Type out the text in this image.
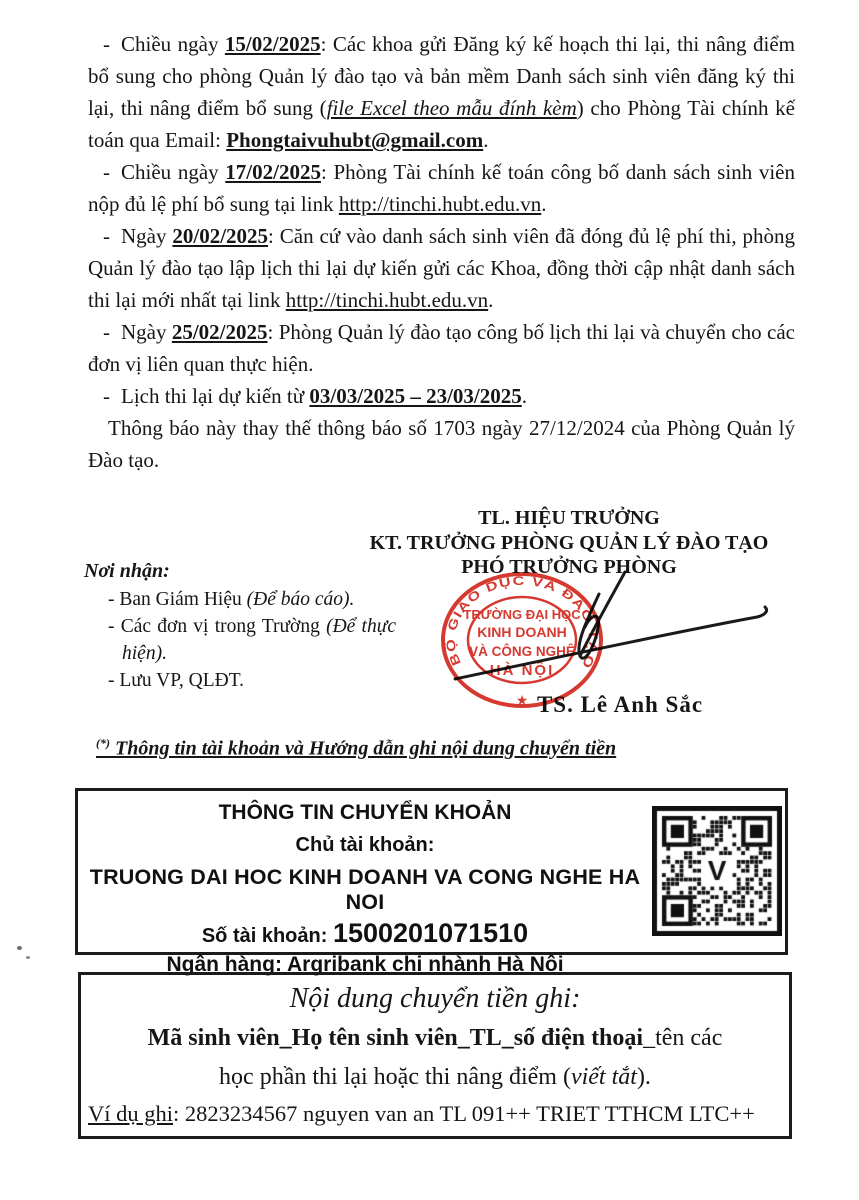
- Chiều ngày 15/02/2025: Các khoa gửi Đăng ký kế hoạch thi lại, thi nâng điểm bổ sung cho phòng Quản lý đào tạo và bản mềm Danh sách sinh viên đăng ký thi lại, thi nâng điểm bổ sung (file Excel theo mẫu đính kèm) cho Phòng Tài chính kế toán qua Email: Phongtaivuhubt@gmail.com.

- Chiều ngày 17/02/2025: Phòng Tài chính kế toán công bố danh sách sinh viên nộp đủ lệ phí bổ sung tại link http://tinchi.hubt.edu.vn.

- Ngày 20/02/2025: Căn cứ vào danh sách sinh viên đã đóng đủ lệ phí thi, phòng Quản lý đào tạo lập lịch thi lại dự kiến gửi các Khoa, đồng thời cập nhật danh sách thi lại mới nhất tại link http://tinchi.hubt.edu.vn.

- Ngày 25/02/2025: Phòng Quản lý đào tạo công bố lịch thi lại và chuyển cho các đơn vị liên quan thực hiện.

- Lịch thi lại dự kiến từ 03/03/2025 – 23/03/2025.

Thông báo này thay thế thông báo số 1703 ngày 27/12/2024 của Phòng Quản lý Đào tạo.

TL. HIỆU TRƯỞNG
KT. TRƯỞNG PHÒNG QUẢN LÝ ĐÀO TẠO
PHÓ TRƯỞNG PHÒNG
Nơi nhận:
- Ban Giám Hiệu (Để báo cáo).
- Các đơn vị trong Trường (Để thực hiện).
- Lưu VP, QLĐT.
TS. Lê Anh Sắc
BỘ GIÁO DỤC VÀ ĐÀO TẠO
TRƯỜNG ĐẠI HỌC
KINH DOANH
VÀ CÔNG NGHỆ
HÀ NỘI
★
(*) Thông tin tài khoản và Hướng dẫn ghi nội dung chuyển tiền
THÔNG TIN CHUYỂN KHOẢN
Chủ tài khoản:
TRUONG DAI HOC KINH DOANH VA CONG NGHE HA NOI
Số tài khoản: 1500201071510
Ngân hàng: Argribank chi nhành Hà Nội
Nội dung chuyển tiền ghi:
Mã sinh viên_Họ tên sinh viên_TL_số điện thoại_tên các
học phần thi lại hoặc thi nâng điểm (viết tắt).
Ví dụ ghi: 2823234567 nguyen van an TL 091++ TRIET TTHCM LTC++
